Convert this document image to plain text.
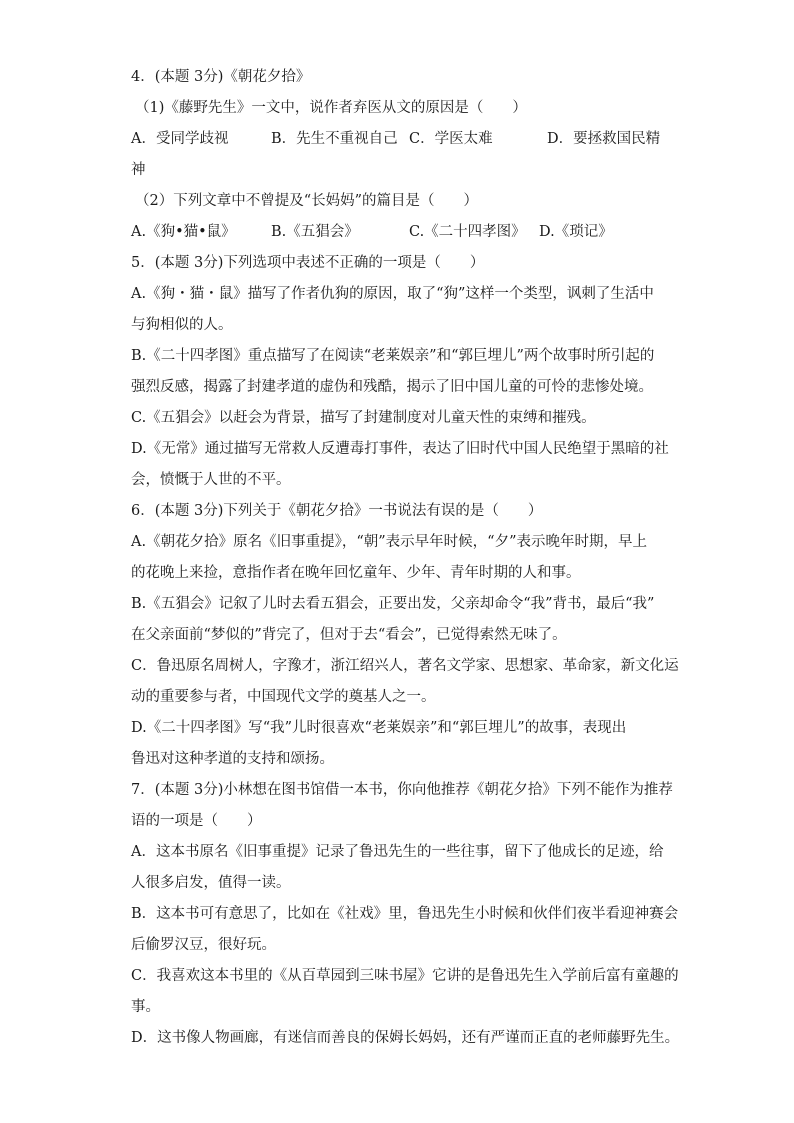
4．(本题 3分)《朝花夕拾》
（1)《藤野先生》一文中，说作者弃医从文的原因是（　　）
A．受同学歧视	B．先生不重视自己 C．学医太难	D．要拯救国民精
神
（2）下列文章中不曾提及“长妈妈”的篇目是（　　）
A.《狗•猫•鼠》	B.《五猖会》	C.《二十四孝图》 D.《琐记》
5．(本题 3分)下列选项中表述不正确的一项是（　　）
A.《狗・猫・鼠》描写了作者仇狗的原因，取了“狗”这样一个类型，讽刺了生活中
与狗相似的人。
B.《二十四孝图》重点描写了在阅读“老莱娱亲”和“郭巨埋儿”两个故事时所引起的
强烈反感，揭露了封建孝道的虚伪和残酷，揭示了旧中国儿童的可怜的悲惨处境。
C.《五猖会》以赶会为背景，描写了封建制度对儿童天性的束缚和摧残。
D.《无常》通过描写无常救人反遭毒打事件，表达了旧时代中国人民绝望于黑暗的社
会，愤慨于人世的不平。
6．(本题 3分)下列关于《朝花夕拾》一书说法有误的是（　　）
A.《朝花夕拾》原名《旧事重提》，“朝”表示早年时候，“夕”表示晚年时期，早上
的花晚上来捡，意指作者在晚年回忆童年、少年、青年时期的人和事。
B.《五猖会》记叙了儿时去看五猖会，正要出发，父亲却命令“我”背书，最后“我”
在父亲面前“梦似的”背完了，但对于去“看会”，已觉得索然无味了。
C．鲁迅原名周树人，字豫才，浙江绍兴人，著名文学家、思想家、革命家，新文化运
动的重要参与者，中国现代文学的奠基人之一。
D.《二十四孝图》写“我”儿时很喜欢“老莱娱亲”和“郭巨埋儿”的故事，表现出
鲁迅对这种孝道的支持和颂扬。
7．(本题 3分)小林想在图书馆借一本书，你向他推荐《朝花夕拾》下列不能作为推荐
语的一项是（　　）
A．这本书原名《旧事重提》记录了鲁迅先生的一些往事，留下了他成长的足迹，给
人很多启发，值得一读。
B．这本书可有意思了，比如在《社戏》里，鲁迅先生小时候和伙伴们夜半看迎神赛会
后偷罗汉豆，很好玩。
C．我喜欢这本书里的《从百草园到三味书屋》它讲的是鲁迅先生入学前后富有童趣的
事。
D．这书像人物画廊，有迷信而善良的保姆长妈妈，还有严谨而正直的老师藤野先生。
